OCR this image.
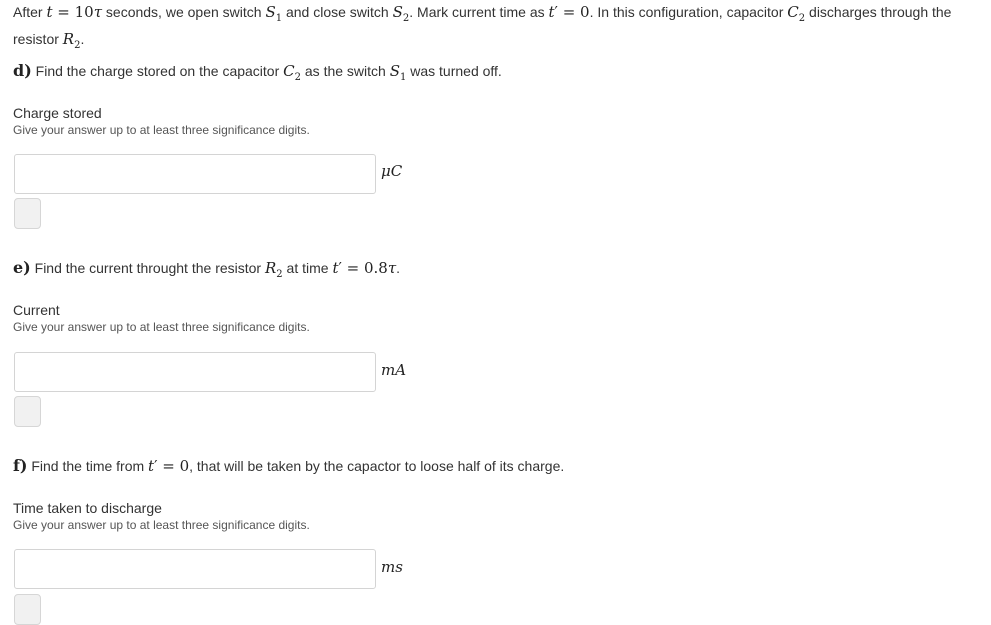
After t = 10τ seconds, we open switch $S_1$ and close switch $S_2$. Mark current time as t′ = 0. In this configuration, capacitor $C_2$ discharges through the resistor $R_2$.
d) Find the charge stored on the capacitor $C_2$ as the switch $S_1$ was turned off.
Charge stored
Give your answer up to at least three significance digits.
μC
e) Find the current throught the resistor $R_2$ at time t′ = 0.8τ.
Current
Give your answer up to at least three significance digits.
mA
f) Find the time from t′ = 0, that will be taken by the capactor to loose half of its charge.
Time taken to discharge
Give your answer up to at least three significance digits.
ms
